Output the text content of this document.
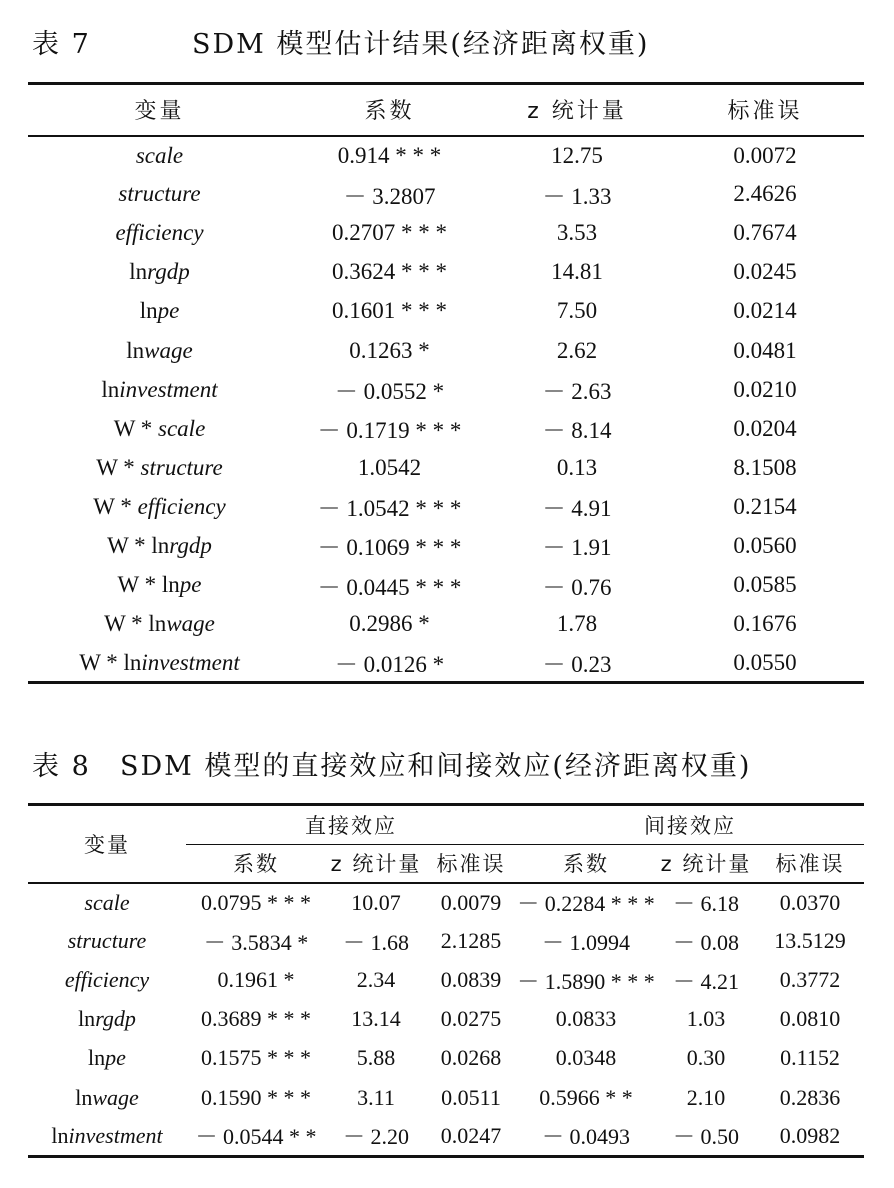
表 7	SDM 模型估计结果(经济距离权重)
变量	系数	z 统计量	标准误
scale	0.914 * * *	12.75	0.0072
structure	－ 3.2807	－ 1.33	2.4626
efficiency	0.2707 * * *	3.53	0.7674
lnrgdp	0.3624 * * *	14.81	0.0245
lnpe	0.1601 * * *	7.50	0.0214
lnwage	0.1263 *	2.62	0.0481
lninvestment	－ 0.0552 *	－ 2.63	0.0210
W * scale	－ 0.1719 * * *	－ 8.14	0.0204
W * structure	1.0542	0.13	8.1508
W * efficiency	－ 1.0542 * * *	－ 4.91	0.2154
W * lnrgdp	－ 0.1069 * * *	－ 1.91	0.0560
W * lnpe	－ 0.0445 * * *	－ 0.76	0.0585
W * lnwage	0.2986 *	1.78	0.1676
W * lninvestment	－ 0.0126 *	－ 0.23	0.0550
表 8 SDM 模型的直接效应和间接效应(经济距离权重)
变量	直接效应			间接效应		
	系数	z 统计量	标准误	系数	z 统计量	标准误
scale	0.0795 * * *	10.07	0.0079	－ 0.2284 * * *	－ 6.18	0.0370
structure	－ 3.5834 *	－ 1.68	2.1285	－ 1.0994	－ 0.08	13.5129
efficiency	0.1961 *	2.34	0.0839	－ 1.5890 * * *	－ 4.21	0.3772
lnrgdp	0.3689 * * *	13.14	0.0275	0.0833	1.03	0.0810
lnpe	0.1575 * * *	5.88	0.0268	0.0348	0.30	0.1152
lnwage	0.1590 * * *	3.11	0.0511	0.5966 * *	2.10	0.2836
lninvestment	－ 0.0544 * *	－ 2.20	0.0247	－ 0.0493	－ 0.50	0.0982
